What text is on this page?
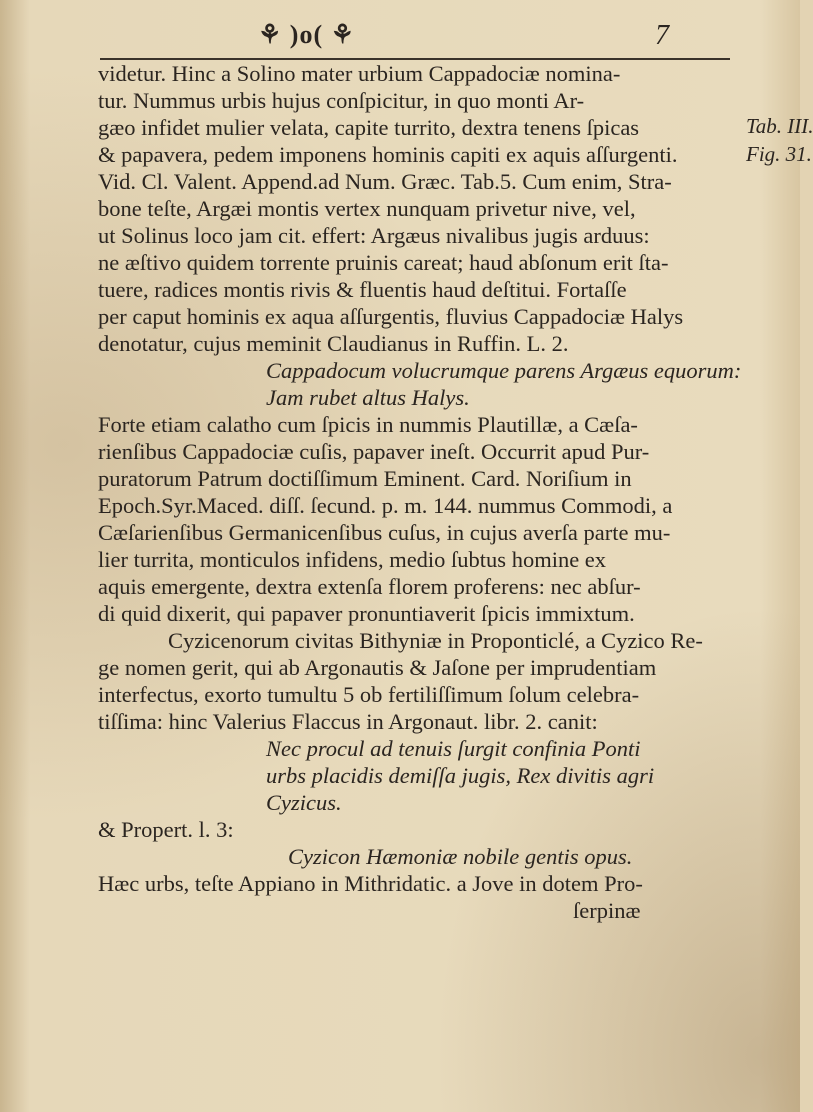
⚘ )o( ⚘	7
Tab. III.
Fig. 31.
videtur. Hinc a Solino mater urbium Cappadociæ nomina-
tur. Nummus urbis hujus conſpicitur, in quo monti Ar-
gæo infidet mulier velata, capite turrito, dextra tenens ſpicas
& papavera, pedem imponens hominis capiti ex aquis aſſurgenti.
Vid. Cl. Valent. Append.ad Num. Græc. Tab.5. Cum enim, Stra-
bone teſte, Argæi montis vertex nunquam privetur nive, vel,
ut Solinus loco jam cit. effert: Argæus nivalibus jugis arduus:
ne æſtivo quidem torrente pruinis careat; haud abſonum erit ſta-
tuere, radices montis rivis & fluentis haud deſtitui. Fortaſſe
per caput hominis ex aqua aſſurgentis, fluvius Cappadociæ Halys
denotatur, cujus meminit Claudianus in Ruffin. L. 2.
Cappadocum volucrumque parens Argæus equorum:
Jam rubet altus Halys.
Forte etiam calatho cum ſpicis in nummis Plautillæ, a Cæſa-
rienſibus Cappadociæ cuſis, papaver ineſt. Occurrit apud Pur-
puratorum Patrum doctiſſimum Eminent. Card. Noriſium in
Epoch.Syr.Maced. diſſ. ſecund. p. m. 144. nummus Commodi, a
Cæſarienſibus Germanicenſibus cuſus, in cujus averſa parte mu-
lier turrita, monticulos infidens, medio ſubtus homine ex
aquis emergente, dextra extenſa florem proferens: nec abſur-
di quid dixerit, qui papaver pronuntiaverit ſpicis immixtum.
Cyzicenorum civitas Bithyniæ in Proponticlé, a Cyzico Re-
ge nomen gerit, qui ab Argonautis & Jaſone per imprudentiam
interfectus, exorto tumultu 5 ob fertiliſſimum ſolum celebra-
tiſſima: hinc Valerius Flaccus in Argonaut. libr. 2. canit:
Nec procul ad tenuis ſurgit confinia Ponti
urbs placidis demiſſa jugis, Rex divitis agri
Cyzicus.
& Propert. l. 3:
Cyzicon Hæmoniæ nobile gentis opus.
Hæc urbs, teſte Appiano in Mithridatic. a Jove in dotem Pro-
ſerpinæ
